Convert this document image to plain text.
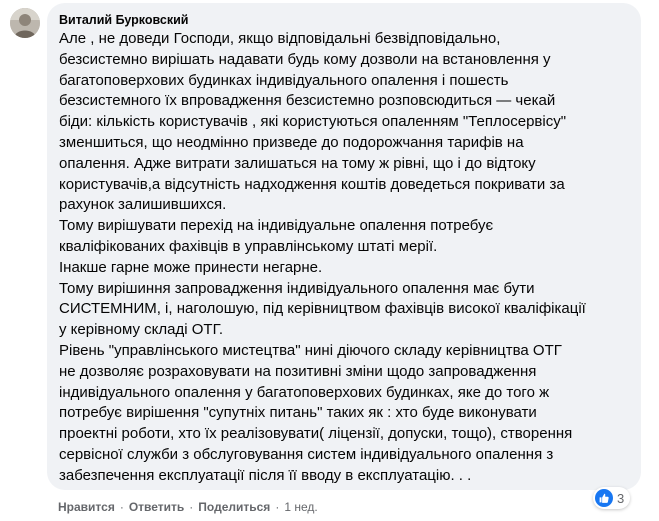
Виталий Бурковский

Але , не доведи Господи, якщо відповідальні безвідповідально,

безсистемно вирішать надавати будь кому дозволи на встановлення у

багатоповерхових будинках індивідуального опалення і пошесть

безсистемного їх впровадження безсистемно розповсюдиться — чекай

біди: кількість користувачів , які користуються опаленням "Теплосервісу"

зменшиться, що неодмінно призведе до подорожчання тарифів на

опалення. Адже витрати залишаться на тому ж рівні, що і до відтоку

користувачів,а відсутність надходження коштів доведеться покривати за

рахунок залишившихся.

Тому вирішувати перехід на індивідуальне опалення потребує

кваліфікованих фахівців в управлінському штаті мерії.

Інакше гарне може принести негарне.

Тому вирішиння запровадження індивідуального опалення має бути

СИСТЕМНИМ, і, наголошую, під керівництвом фахівців високої кваліфікації

у керівному складі ОТГ.

Рівень "управлінського мистецтва" нині діючого складу керівництва ОТГ

не дозволяє розраховувати на позитивні зміни щодо запровадження

індивідуального опалення у багатоповерхових будинках, яке до того ж

потребує вирішення "супутніх питань" таких як : хто буде виконувати

проектні роботи, хто їх реалізовувати( ліцензії, допуски, тощо), створення

сервісної служби з обслуговування систем індивідуального опалення з

забезпечення експлуатації після її вводу в експлуатацію. . .

3
Нравится · Ответить · Поделиться · 1 нед.
